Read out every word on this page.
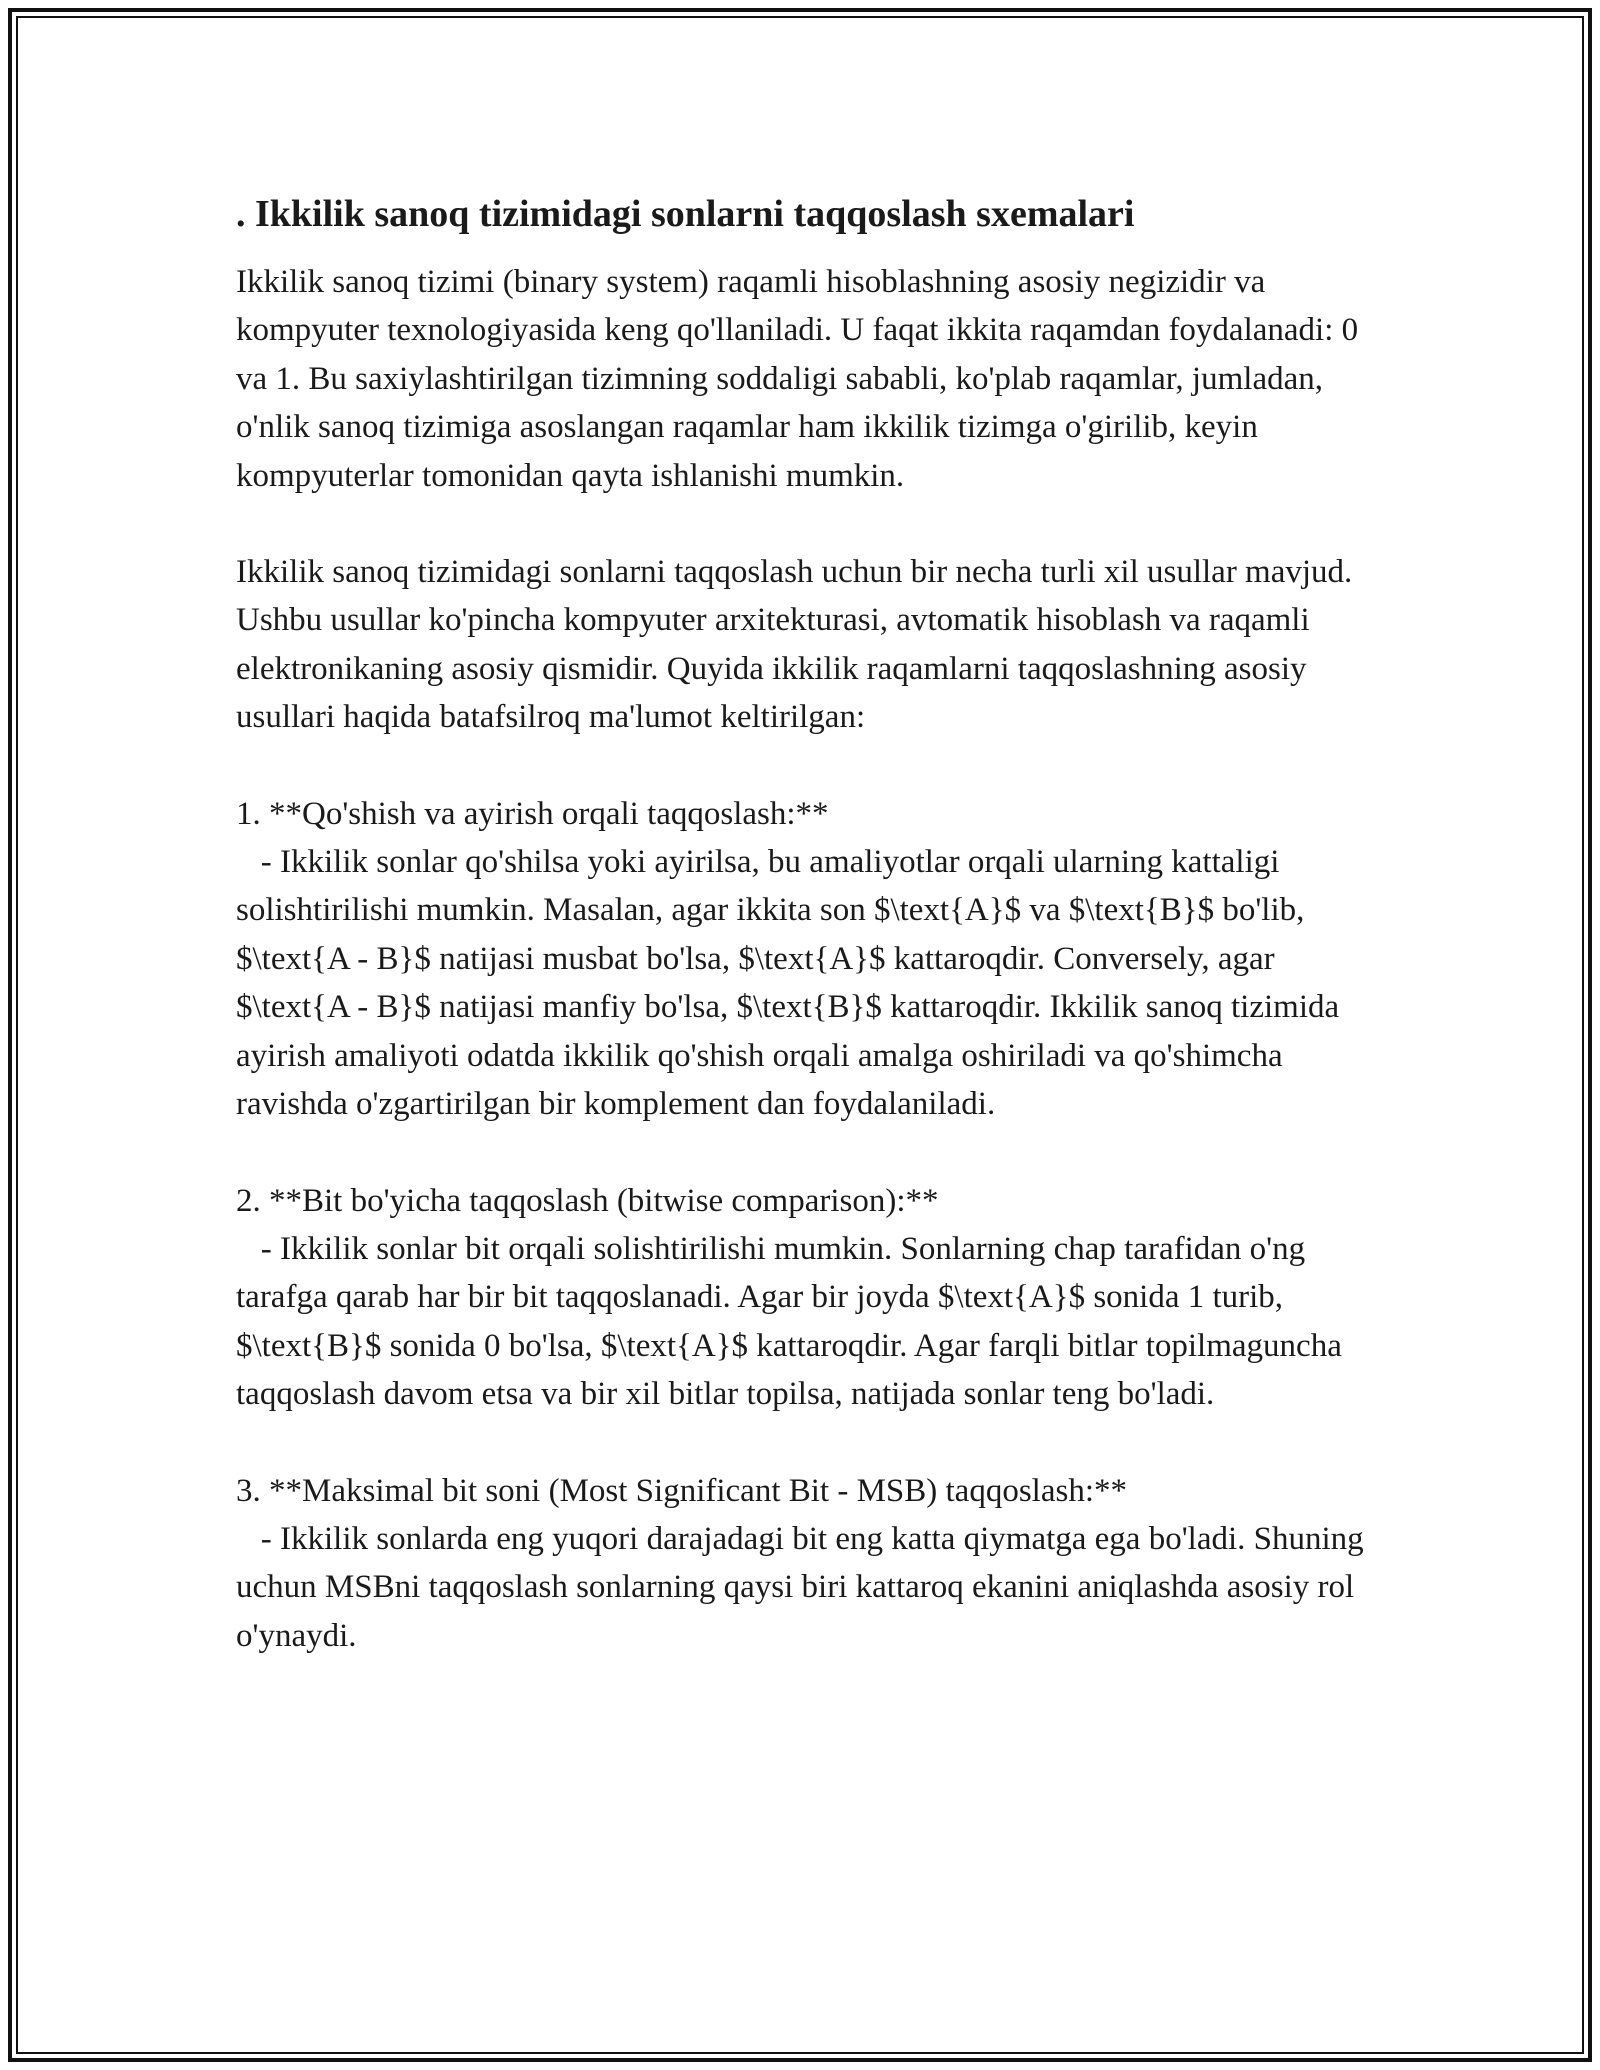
. Ikkilik sanoq tizimidagi sonlarni taqqoslash sxemalari

Ikkilik sanoq tizimi (binary system) raqamli hisoblashning asosiy negizidir va kompyuter texnologiyasida keng qo'llaniladi. U faqat ikkita raqamdan foydalanadi: 0 va 1. Bu saxiylashtirilgan tizimning soddaligi sababli, ko'plab raqamlar, jumladan, o'nlik sanoq tizimiga asoslangan raqamlar ham ikkilik tizimga o'girilib, keyin kompyuterlar tomonidan qayta ishlanishi mumkin.

Ikkilik sanoq tizimidagi sonlarni taqqoslash uchun bir necha turli xil usullar mavjud. Ushbu usullar ko'pincha kompyuter arxitekturasi, avtomatik hisoblash va raqamli elektronikaning asosiy qismidir. Quyida ikkilik raqamlarni taqqoslashning asosiy usullari haqida batafsilroq ma'lumot keltirilgan:

1. **Qo'shish va ayirish orqali taqqoslash:**
- Ikkilik sonlar qo'shilsa yoki ayirilsa, bu amaliyotlar orqali ularning kattaligi solishtirilishi mumkin. Masalan, agar ikkita son $\text{A}$ va $\text{B}$ bo'lib, $\text{A - B}$ natijasi musbat bo'lsa, $\text{A}$ kattaroqdir. Conversely, agar $\text{A - B}$ natijasi manfiy bo'lsa, $\text{B}$ kattaroqdir. Ikkilik sanoq tizimida ayirish amaliyoti odatda ikkilik qo'shish orqali amalga oshiriladi va qo'shimcha ravishda o'zgartirilgan bir komplement dan foydalaniladi.

2. **Bit bo'yicha taqqoslash (bitwise comparison):**
- Ikkilik sonlar bit orqali solishtirilishi mumkin. Sonlarning chap tarafidan o'ng tarafga qarab har bir bit taqqoslanadi. Agar bir joyda $\text{A}$ sonida 1 turib, $\text{B}$ sonida 0 bo'lsa, $\text{A}$ kattaroqdir. Agar farqli bitlar topilmaguncha taqqoslash davom etsa va bir xil bitlar topilsa, natijada sonlar teng bo'ladi.

3. **Maksimal bit soni (Most Significant Bit - MSB) taqqoslash:**
- Ikkilik sonlarda eng yuqori darajadagi bit eng katta qiymatga ega bo'ladi. Shuning uchun MSBni taqqoslash sonlarning qaysi biri kattaroq ekanini aniqlashda asosiy rol o'ynaydi.
